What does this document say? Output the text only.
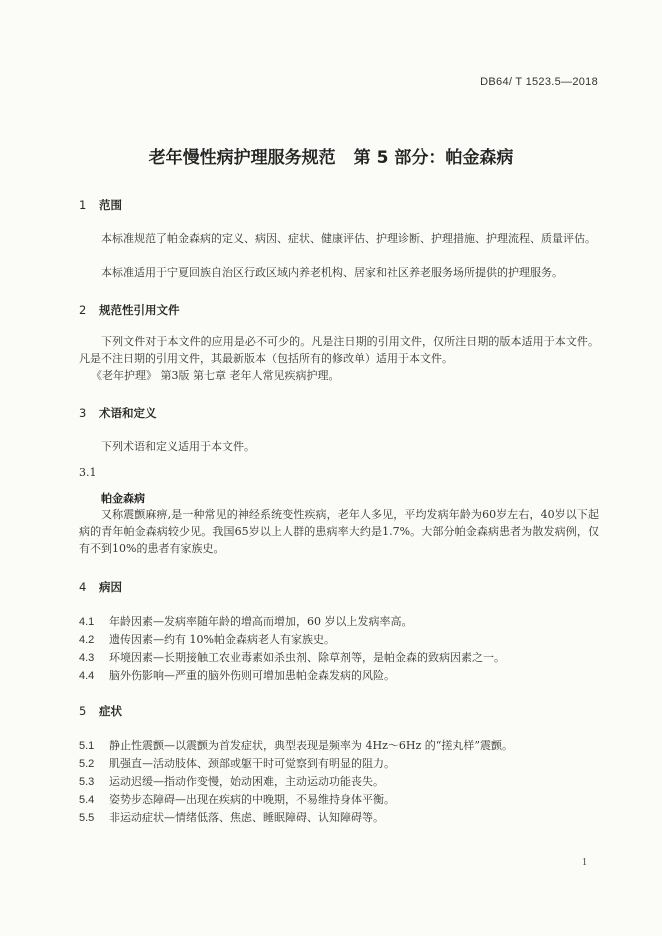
DB64/ T 1523.5—2018
老年慢性病护理服务规范 第 5 部分：帕金森病
1 范围
本标准规范了帕金森病的定义、病因、症状、健康评估、护理诊断、护理措施、护理流程、质量评估。
本标准适用于宁夏回族自治区行政区域内养老机构、居家和社区养老服务场所提供的护理服务。
2 规范性引用文件
下列文件对于本文件的应用是必不可少的。凡是注日期的引用文件，仅所注日期的版本适用于本文件。凡是不注日期的引用文件，其最新版本（包括所有的修改单）适用于本文件。
《老年护理》 第3版 第七章 老年人常见疾病护理。
3 术语和定义
下列术语和定义适用于本文件。
3.1
帕金森病
又称震颤麻痹,是一种常见的神经系统变性疾病，老年人多见，平均发病年龄为60岁左右，40岁以下起病的青年帕金森病较少见。我国65岁以上人群的患病率大约是1.7%。大部分帕金森病患者为散发病例，仅有不到10%的患者有家族史。
4 病因
4.1 年龄因素—发病率随年龄的增高而增加，60 岁以上发病率高。
4.2 遗传因素—约有 10%帕金森病老人有家族史。
4.3 环境因素—长期接触工农业毒素如杀虫剂、除草剂等，是帕金森的致病因素之一。
4.4 脑外伤影响—严重的脑外伤则可增加患帕金森发病的风险。
5 症状
5.1 静止性震颤—以震颤为首发症状，典型表现是频率为 4Hz～6Hz 的“搓丸样”震颤。
5.2 肌强直—活动肢体、颈部或躯干时可觉察到有明显的阻力。
5.3 运动迟缓—指动作变慢，始动困难，主动运动功能丧失。
5.4 姿势步态障碍—出现在疾病的中晚期，不易维持身体平衡。
5.5 非运动症状—情绪低落、焦虑、睡眠障碍、认知障碍等。
1
